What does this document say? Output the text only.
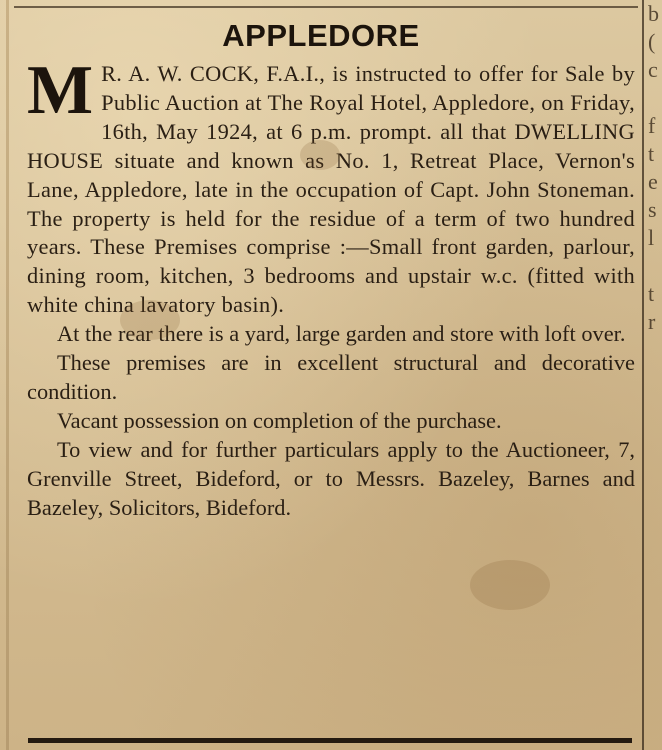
b
(
c
f
t
e
s
l
t
r
APPLEDORE

M R. A. W. COCK, F.A.I., is instructed to offer for Sale by Public Auction at The Royal Hotel, Appledore, on Friday, 16th, May 1924, at 6 p.m. prompt. all that DWELLING HOUSE situate and known as No. 1, Retreat Place, Vernon's Lane, Appledore, late in the occupation of Capt. John Stoneman. The property is held for the residue of a term of two hundred years. These Premises comprise :—Small front garden, parlour, dining room, kitchen, 3 bedrooms and upstair w.c. (fitted with white china lavatory basin).

At the rear there is a yard, large garden and store with loft over.

These premises are in excellent structural and decorative condition.

Vacant possession on completion of the purchase.

To view and for further particulars apply to the Auctioneer, 7, Grenville Street, Bideford, or to Messrs. Bazeley, Barnes and Bazeley, Solicitors, Bideford.
